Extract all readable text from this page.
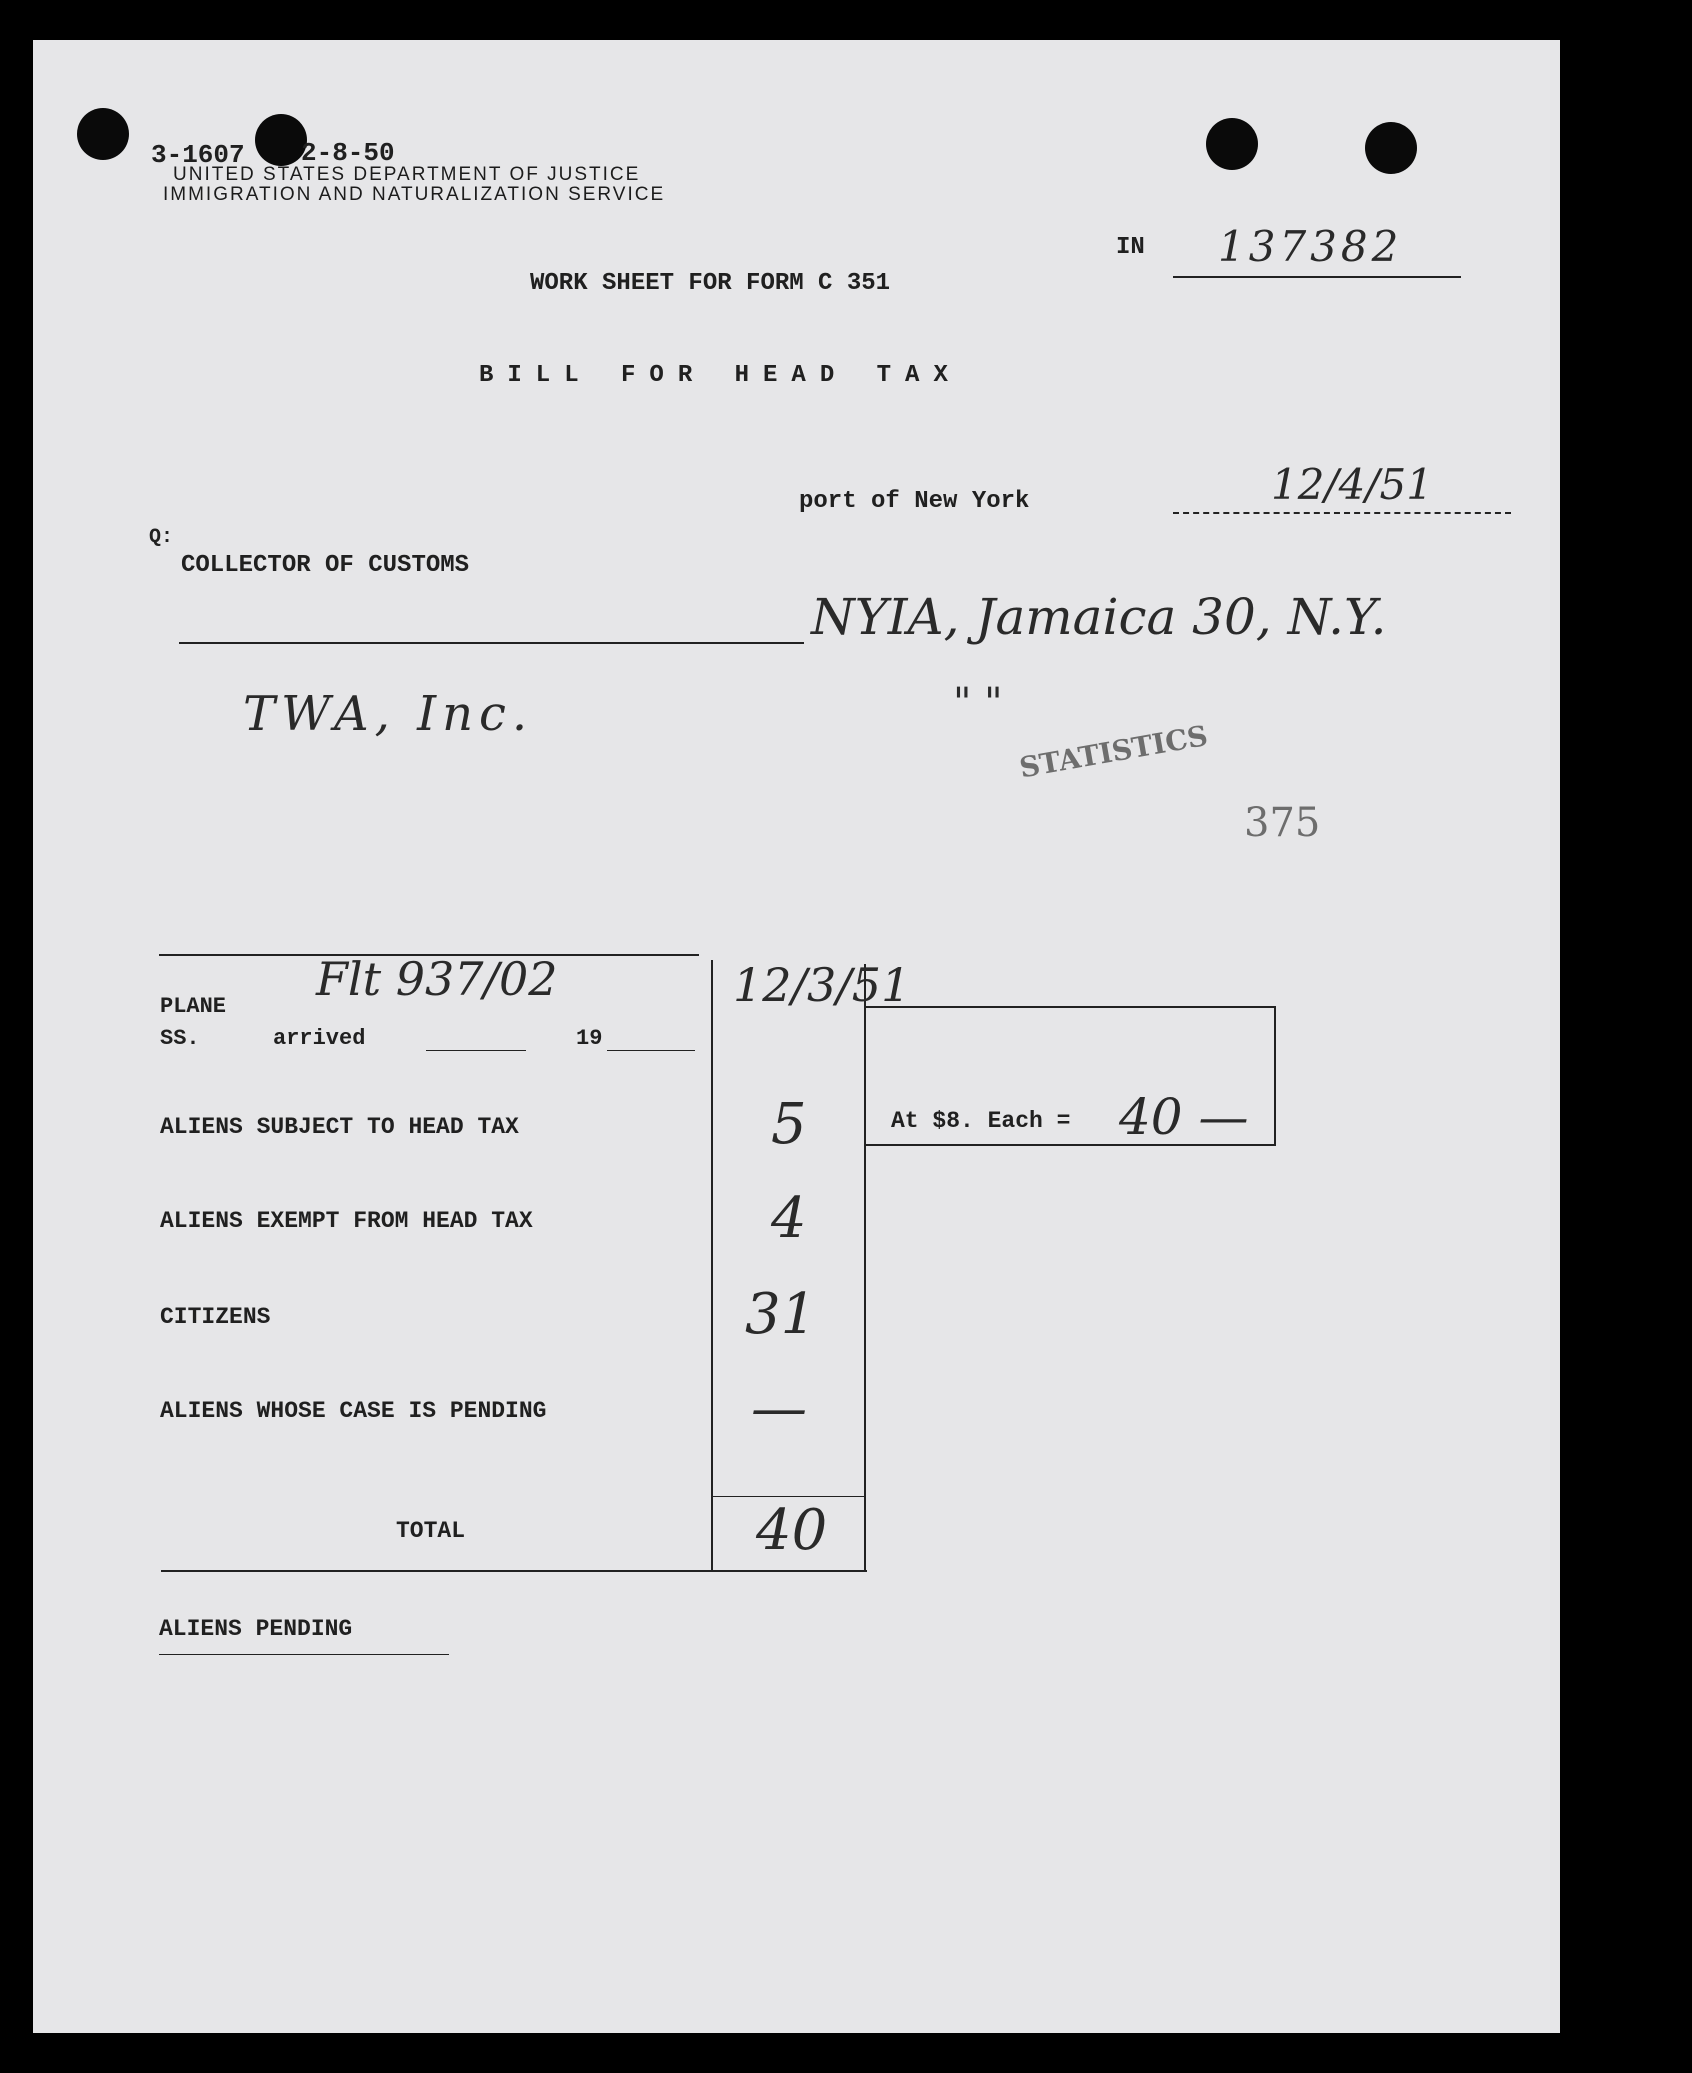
3-1607 2-8-50
UNITED STATES DEPARTMENT OF JUSTICE
IMMIGRATION AND NATURALIZATION SERVICE
IN 137382
WORK SHEET FOR FORM C 351
BILL FOR HEAD TAX
port of New York	12/4/51
Q:
COLLECTOR OF CUSTOMS
NYIA, Jamaica 30, N.Y.
TWA, Inc.	" "
STATISTICS
375
PLANE
Flt 937/02	12/3/51
SS.	arrived	19
ALIENS SUBJECT TO HEAD TAX	5
ALIENS EXEMPT FROM HEAD TAX	4
CITIZENS	31
ALIENS WHOSE CASE IS PENDING	—
TOTAL	40
At $8. Each = 40 —
ALIENS PENDING
